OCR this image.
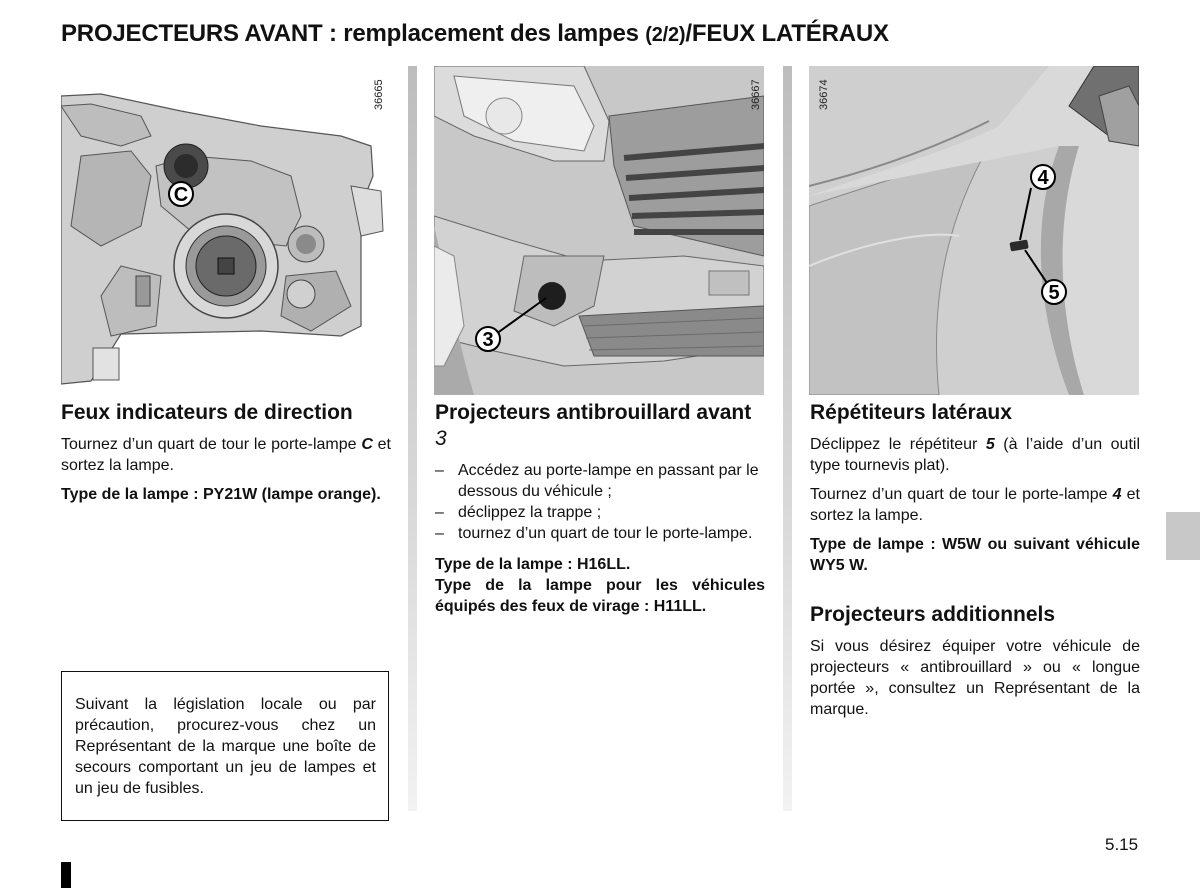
PROJECTEURS AVANT : remplacement des lampes (2/2)/FEUX LATÉRAUX
C
36665
3
36667
4
5
36674
Feux indicateurs de direction

Tournez d’un quart de tour le porte-lampe C et sortez la lampe.

Type de la lampe : PY21W (lampe orange).

Suivant la législation locale ou par précaution, procurez-vous chez un Représentant de la marque une boîte de secours comportant un jeu de lampes et un jeu de fusibles.

Projecteurs antibrouillard avant 3
– Accédez au porte-lampe en passant par le dessous du véhicule ;
– déclippez la trappe ;
– tournez d’un quart de tour le porte-lampe.

Type de la lampe : H16LL.

Type de la lampe pour les véhicules équipés des feux de virage : H11LL.

Répétiteurs latéraux

Déclippez le répétiteur 5 (à l’aide d’un outil type tournevis plat).

Tournez d’un quart de tour le porte-lampe 4 et sortez la lampe.

Type de lampe : W5W ou suivant véhicule WY5 W.

Projecteurs additionnels

Si vous désirez équiper votre véhicule de projecteurs « antibrouillard » ou « longue portée », consultez un Représentant de la marque.

5.15
